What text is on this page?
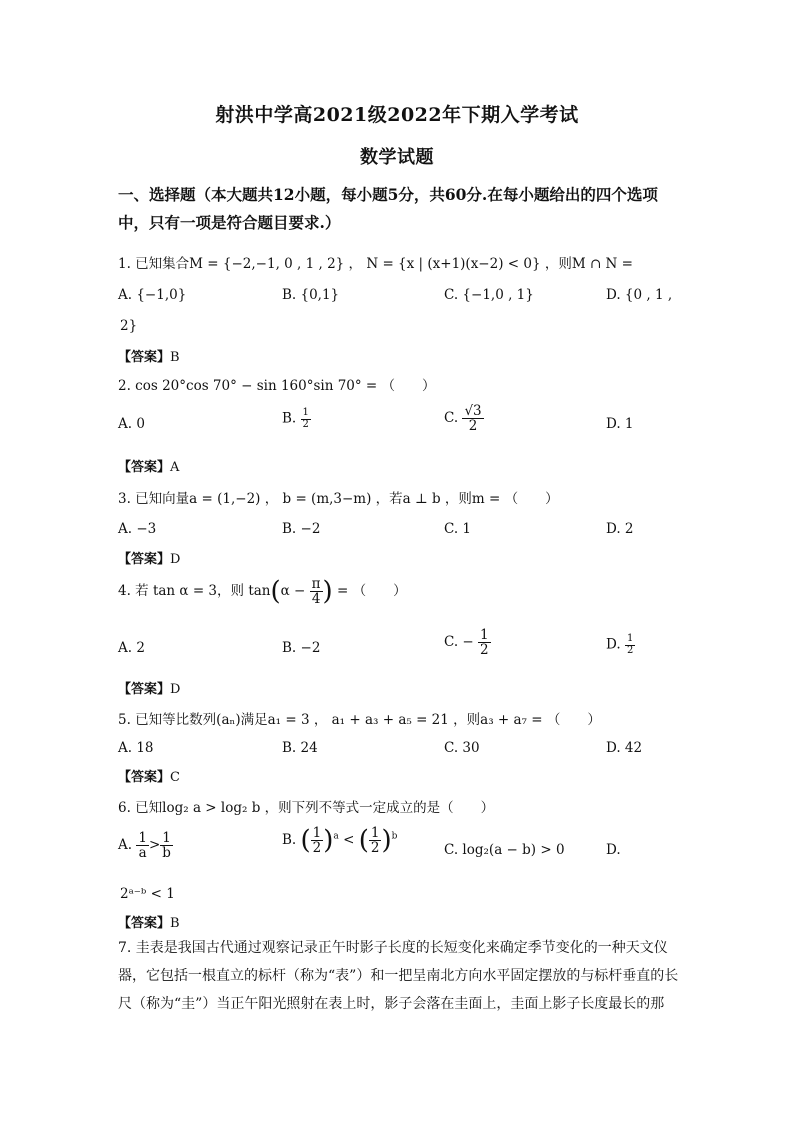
射洪中学高2021级2022年下期入学考试
数学试题
一、选择题（本大题共12小题，每小题5分，共60分.在每小题给出的四个选项
中，只有一项是符合题目要求.）
1. 已知集合M = {−2,−1, 0 , 1 , 2} ， N = {x | (x+1)(x−2) < 0} ，则M ∩ N =
A. {−1,0}	B. {0,1}	C. {−1,0 , 1}	D. {0 , 1 ,
2}
【答案】B
2. cos 20°cos 70° − sin 160°sin 70° = （　　）
A. 0	B. $\frac{1}{2}$	C. $\frac{√3}{2}$	D. 1
【答案】A
3. 已知向量a = (1,−2) ， b = (m,3−m) ，若a ⊥ b ，则m = （　　）
A. −3	B. −2	C. 1	D. 2
【答案】D
4. 若 tan α = 3，则 $\tan(\alpha - \frac{\pi}{4}$ ) = （　　）
A. 2	B. −2	C. − $\frac{1}{2}$	D. $\frac{1}{2}$
【答案】D
5. 已知等比数列(aₙ)满足a₁ = 3 ， a₁ + a₃ + a₅ = 21 ，则a₃ + a₇ = （　　）
A. 18	B. 24	C. 30	D. 42
【答案】C
6. 已知log₂ a > log₂ b ，则下列不等式一定成立的是（　　）
A. $\frac{1}{a} > \frac{1}{b}$	B. ( $\frac{1}{2} )^a$ < ( $\frac{1}{2} )^b$
C. log₂(a − b) > 0	D.
2ᵃ⁻ᵇ < 1
【答案】B
7. 圭表是我国古代通过观察记录正午时影子长度的长短变化来确定季节变化的一种天文仪
器，它包括一根直立的标杆（称为“表”）和一把呈南北方向水平固定摆放的与标杆垂直的长
尺（称为“圭”）当正午阳光照射在表上时，影子会落在圭面上，圭面上影子长度最长的那
